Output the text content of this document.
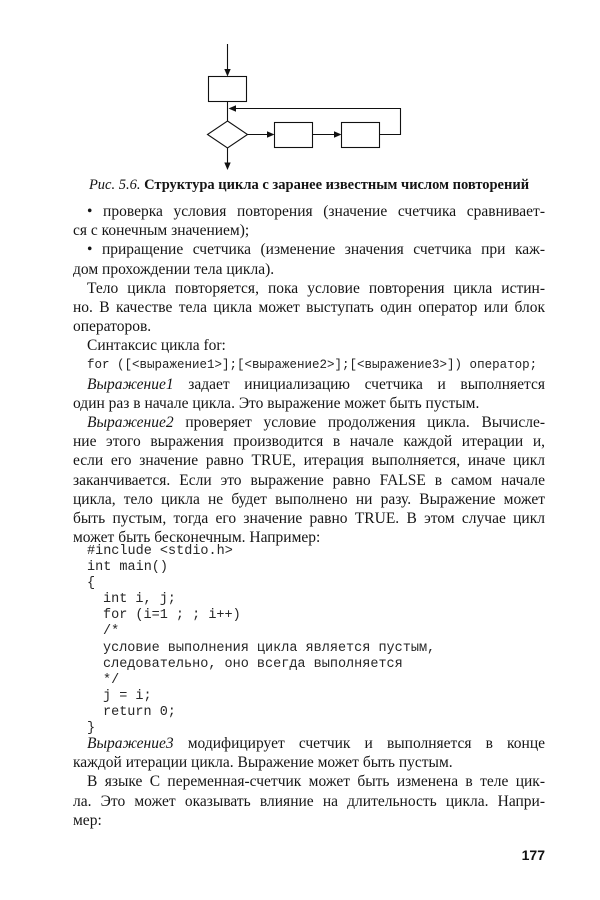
Рис. 5.6. Структура цикла с заранее известным числом повторений
• проверка условия повторения (значение счетчика сравнивает-
ся с конечным значением);
• приращение счетчика (изменение значения счетчика при каж-
дом прохождении тела цикла).
Тело цикла повторяется, пока условие повторения цикла истин-
но. В качестве тела цикла может выступать один оператор или блок
операторов.
Синтаксис цикла for:
for ([<выражение1>];[<выражение2>];[<выражение3>]) оператор;
Выражение1 задает инициализацию счетчика и выполняется
один раз в начале цикла. Это выражение может быть пустым.
Выражение2 проверяет условие продолжения цикла. Вычисле-
ние этого выражения производится в начале каждой итерации и,
если его значение равно TRUE, итерация выполняется, иначе цикл
заканчивается. Если это выражение равно FALSE в самом начале
цикла, тело цикла не будет выполнено ни разу. Выражение может
быть пустым, тогда его значение равно TRUE. В этом случае цикл
может быть бесконечным. Например:
#include <stdio.h>
int main()
{
int i, j;
for (i=1 ; ; i++)
/*
условие выполнения цикла является пустым,
следовательно, оно всегда выполняется
*/
j = i;
return 0;
}
Выражение3 модифицирует счетчик и выполняется в конце
каждой итерации цикла. Выражение может быть пустым.
В языке C переменная-счетчик может быть изменена в теле цик-
ла. Это может оказывать влияние на длительность цикла. Напри-
мер:
177
